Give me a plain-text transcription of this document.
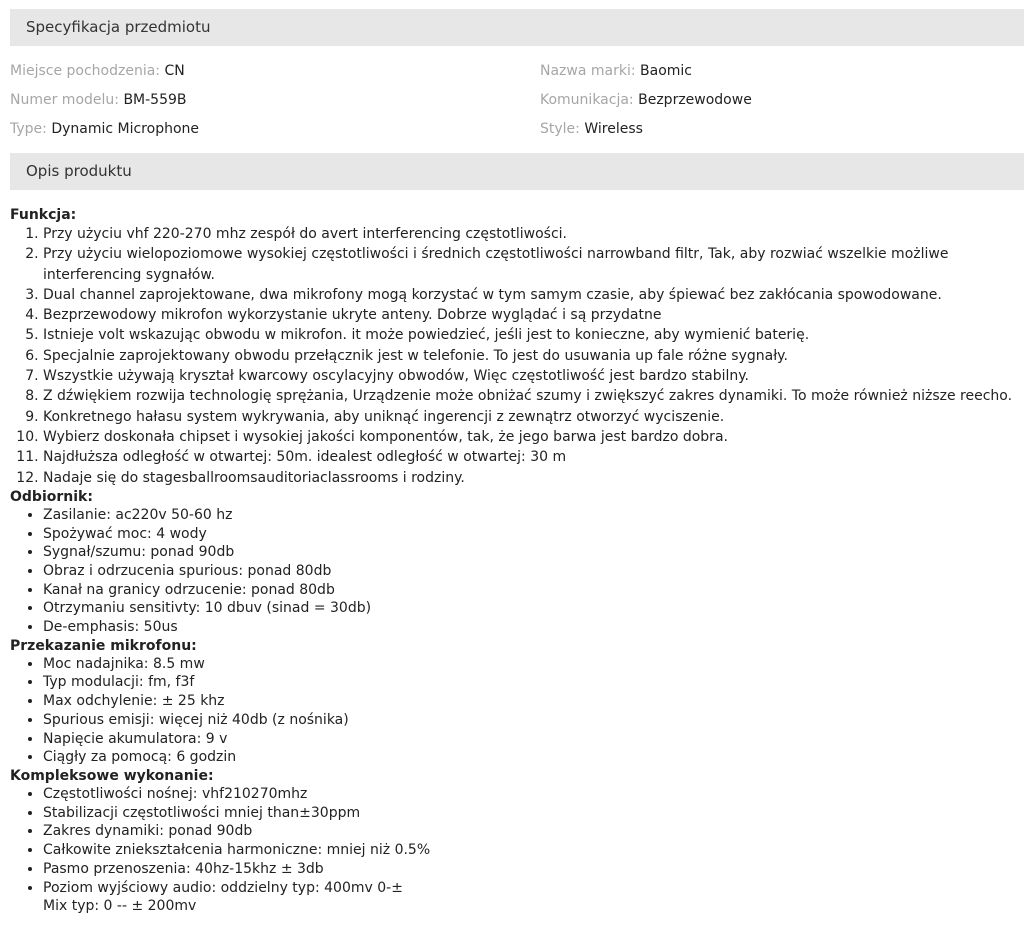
Specyfikacja przedmiotu
Miejsce pochodzenia: CN	Nazwa marki: Baomic
Numer modelu: BM-559B	Komunikacja: Bezprzewodowe
Type: Dynamic Microphone	Style: Wireless
Opis produktu
Funkcja:
1. Przy użyciu vhf 220-270 mhz zespół do avert interferencing częstotliwości.
2. Przy użyciu wielopoziomowe wysokiej częstotliwości i średnich częstotliwości narrowband filtr, Tak, aby rozwiać wszelkie możliwe interferencing sygnałów.
3. Dual channel zaprojektowane, dwa mikrofony mogą korzystać w tym samym czasie, aby śpiewać bez zakłócania spowodowane.
4. Bezprzewodowy mikrofon wykorzystanie ukryte anteny. Dobrze wyglądać i są przydatne
5. Istnieje volt wskazując obwodu w mikrofon. it może powiedzieć, jeśli jest to konieczne, aby wymienić baterię.
6. Specjalnie zaprojektowany obwodu przełącznik jest w telefonie. To jest do usuwania up fale różne sygnały.
7. Wszystkie używają kryształ kwarcowy oscylacyjny obwodów, Więc częstotliwość jest bardzo stabilny.
8. Z dźwiękiem rozwija technologię sprężania, Urządzenie może obniżać szumy i zwiększyć zakres dynamiki. To może również niższe reecho.
9. Konkretnego hałasu system wykrywania, aby uniknąć ingerencji z zewnątrz otworzyć wyciszenie.
10. Wybierz doskonała chipset i wysokiej jakości komponentów, tak, że jego barwa jest bardzo dobra.
11. Najdłuższa odległość w otwartej: 50m. idealest odległość w otwartej: 30 m
12. Nadaje się do stagesballroomsauditoriaclassrooms i rodziny.
Odbiornik:
• Zasilanie: ac220v 50-60 hz
• Spożywać moc: 4 wody
• Sygnał/szumu: ponad 90db
• Obraz i odrzucenia spurious: ponad 80db
• Kanał na granicy odrzucenie: ponad 80db
• Otrzymaniu sensitivty: 10 dbuv (sinad = 30db)
• De-emphasis: 50us
Przekazanie mikrofonu:
• Moc nadajnika: 8.5 mw
• Typ modulacji: fm, f3f
• Max odchylenie: ± 25 khz
• Spurious emisji: więcej niż 40db (z nośnika)
• Napięcie akumulatora: 9 v
• Ciągły za pomocą: 6 godzin
Kompleksowe wykonanie:
• Częstotliwości nośnej: vhf210270mhz
• Stabilizacji częstotliwości mniej than±30ppm
• Zakres dynamiki: ponad 90db
• Całkowite zniekształcenia harmoniczne: mniej niż 0.5%
• Pasmo przenoszenia: 40hz-15khz ± 3db
• Poziom wyjściowy audio: oddzielny typ: 400mv 0-±
Mix typ: 0 -- ± 200mv
